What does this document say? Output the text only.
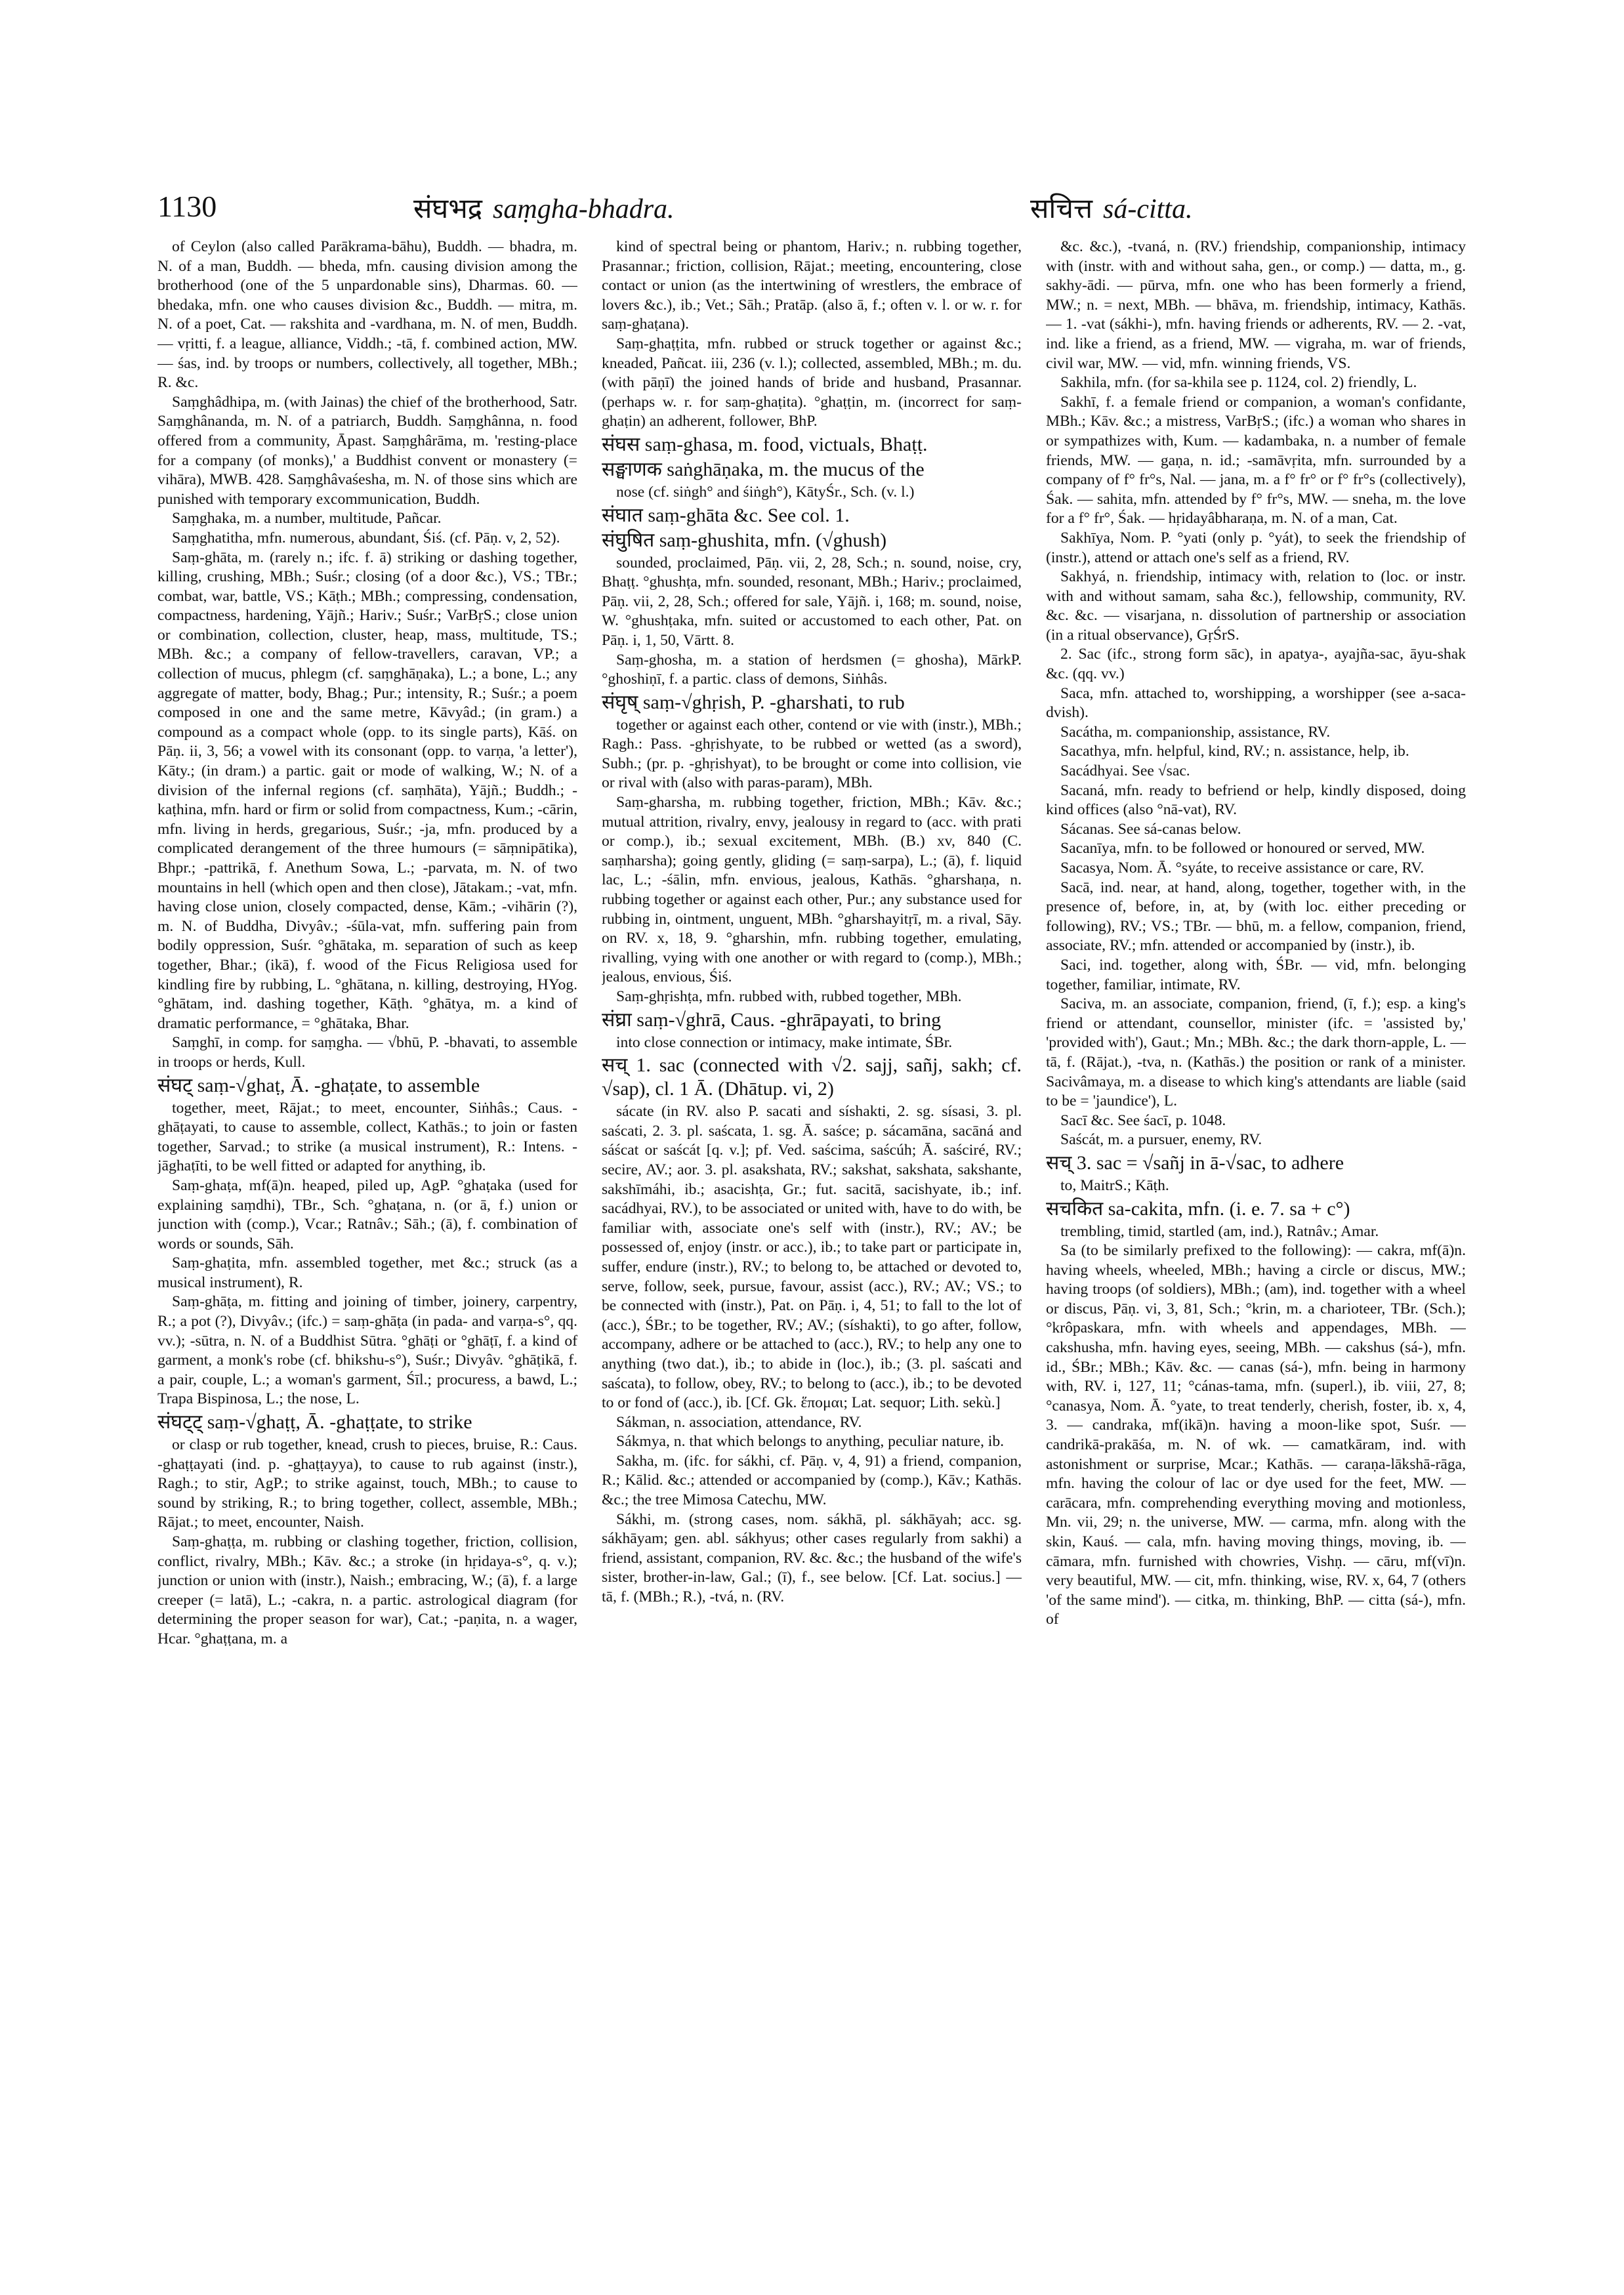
1130	संघभद्र saṃgha-bhadra.	सचित्त sá-citta.

of Ceylon (also called Parākrama-bāhu), Buddh. — bhadra, m. N. of a man, Buddh. — bheda, mfn. causing division among the brotherhood (one of the 5 unpardonable sins), Dharmas. 60. — bhedaka, mfn. one who causes division &c., Buddh. — mitra, m. N. of a poet, Cat. — rakshita and -vardhana, m. N. of men, Buddh. — vṛitti, f. a league, alliance, Viddh.; -tā, f. combined action, MW. — śas, ind. by troops or numbers, collectively, all together, MBh.; R. &c.

Saṃghâdhipa, m. (with Jainas) the chief of the brotherhood, Satr. Saṃghânanda, m. N. of a patriarch, Buddh. Saṃghânna, n. food offered from a community, Āpast. Saṃghârāma, m. 'resting-place for a company (of monks),' a Buddhist convent or monastery (= vihāra), MWB. 428. Saṃghâvaśesha, m. N. of those sins which are punished with temporary excommunication, Buddh.

Saṃghaka, m. a number, multitude, Pañcar.

Saṃghatitha, mfn. numerous, abundant, Śiś. (cf. Pāṇ. v, 2, 52).

Saṃ-ghāta, m. (rarely n.; ifc. f. ā) striking or dashing together, killing, crushing, MBh.; Suśr.; closing (of a door &c.), VS.; TBr.; combat, war, battle, VS.; Kāṭh.; MBh.; compressing, condensation, compactness, hardening, Yājñ.; Hariv.; Suśr.; VarBṛS.; close union or combination, collection, cluster, heap, mass, multitude, TS.; MBh. &c.; a company of fellow-travellers, caravan, VP.; a collection of mucus, phlegm (cf. saṃghāṇaka), L.; a bone, L.; any aggregate of matter, body, Bhag.; Pur.; intensity, R.; Suśr.; a poem composed in one and the same metre, Kāvyâd.; (in gram.) a compound as a compact whole (opp. to its single parts), Kāś. on Pāṇ. ii, 3, 56; a vowel with its consonant (opp. to varṇa, 'a letter'), Kāty.; (in dram.) a partic. gait or mode of walking, W.; N. of a division of the infernal regions (cf. saṃhāta), Yājñ.; Buddh.; -kaṭhina, mfn. hard or firm or solid from compactness, Kum.; -cārin, mfn. living in herds, gregarious, Suśr.; -ja, mfn. produced by a complicated derangement of the three humours (= sāṃnipātika), Bhpr.; -pattrikā, f. Anethum Sowa, L.; -parvata, m. N. of two mountains in hell (which open and then close), Jātakam.; -vat, mfn. having close union, closely compacted, dense, Kām.; -vihārin (?), m. N. of Buddha, Divyâv.; -śūla-vat, mfn. suffering pain from bodily oppression, Suśr. °ghātaka, m. separation of such as keep together, Bhar.; (ikā), f. wood of the Ficus Religiosa used for kindling fire by rubbing, L. °ghātana, n. killing, destroying, HYog. °ghātam, ind. dashing together, Kāṭh. °ghātya, m. a kind of dramatic performance, = °ghātaka, Bhar.

Saṃghī, in comp. for saṃgha. — √bhū, P. -bhavati, to assemble in troops or herds, Kull.

संघट् saṃ-√ghaṭ, Ā. -ghaṭate, to assemble

together, meet, Rājat.; to meet, encounter, Siṅhâs.; Caus. -ghāṭayati, to cause to assemble, collect, Kathās.; to join or fasten together, Sarvad.; to strike (a musical instrument), R.: Intens. -jāghaṭīti, to be well fitted or adapted for anything, ib.

Saṃ-ghaṭa, mf(ā)n. heaped, piled up, AgP. °ghaṭaka (used for explaining saṃdhi), TBr., Sch. °ghaṭana, n. (or ā, f.) union or junction with (comp.), Vcar.; Ratnâv.; Sāh.; (ā), f. combination of words or sounds, Sāh.

Saṃ-ghaṭita, mfn. assembled together, met &c.; struck (as a musical instrument), R.

Saṃ-ghāṭa, m. fitting and joining of timber, joinery, carpentry, R.; a pot (?), Divyâv.; (ifc.) = saṃ-ghāṭa (in pada- and varṇa-s°, qq. vv.); -sūtra, n. N. of a Buddhist Sūtra. °ghāṭi or °ghāṭī, f. a kind of garment, a monk's robe (cf. bhikshu-s°), Suśr.; Divyâv. °ghāṭikā, f. a pair, couple, L.; a woman's garment, Śīl.; procuress, a bawd, L.; Trapa Bispinosa, L.; the nose, L.

संघट्ट् saṃ-√ghaṭṭ, Ā. -ghaṭṭate, to strike

or clasp or rub together, knead, crush to pieces, bruise, R.: Caus. -ghaṭṭayati (ind. p. -ghaṭṭayya), to cause to rub against (instr.), Ragh.; to stir, AgP.; to strike against, touch, MBh.; to cause to sound by striking, R.; to bring together, collect, assemble, MBh.; Rājat.; to meet, encounter, Naish.

Saṃ-ghaṭṭa, m. rubbing or clashing together, friction, collision, conflict, rivalry, MBh.; Kāv. &c.; a stroke (in hṛidaya-s°, q. v.); junction or union with (instr.), Naish.; embracing, W.; (ā), f. a large creeper (= latā), L.; -cakra, n. a partic. astrological diagram (for determining the proper season for war), Cat.; -paṇita, n. a wager, Hcar. °ghaṭṭana, m. a

kind of spectral being or phantom, Hariv.; n. rubbing together, Prasannar.; friction, collision, Rājat.; meeting, encountering, close contact or union (as the intertwining of wrestlers, the embrace of lovers &c.), ib.; Vet.; Sāh.; Pratāp. (also ā, f.; often v. l. or w. r. for saṃ-ghaṭana).

Saṃ-ghaṭṭita, mfn. rubbed or struck together or against &c.; kneaded, Pañcat. iii, 236 (v. l.); collected, assembled, MBh.; m. du. (with pāṇī) the joined hands of bride and husband, Prasannar. (perhaps w. r. for saṃ-ghaṭita). °ghaṭṭin, m. (incorrect for saṃ-ghaṭin) an adherent, follower, BhP.

संघस saṃ-ghasa, m. food, victuals, Bhaṭṭ.

सङ्घाणक saṅghāṇaka, m. the mucus of the

nose (cf. siṅgh° and śiṅgh°), KātyŚr., Sch. (v. l.)

संघात saṃ-ghāta &c. See col. 1.

संघुषित saṃ-ghushita, mfn. (√ghush)

sounded, proclaimed, Pāṇ. vii, 2, 28, Sch.; n. sound, noise, cry, Bhaṭṭ. °ghushṭa, mfn. sounded, resonant, MBh.; Hariv.; proclaimed, Pāṇ. vii, 2, 28, Sch.; offered for sale, Yājñ. i, 168; m. sound, noise, W. °ghushṭaka, mfn. suited or accustomed to each other, Pat. on Pāṇ. i, 1, 50, Vārtt. 8.

Saṃ-ghosha, m. a station of herdsmen (= ghosha), MārkP. °ghoshiṇī, f. a partic. class of demons, Siṅhâs.

संघृष् saṃ-√ghṛish, P. -gharshati, to rub

together or against each other, contend or vie with (instr.), MBh.; Ragh.: Pass. -ghṛishyate, to be rubbed or wetted (as a sword), Subh.; (pr. p. -ghṛishyat), to be brought or come into collision, vie or rival with (also with paras-param), MBh.

Saṃ-gharsha, m. rubbing together, friction, MBh.; Kāv. &c.; mutual attrition, rivalry, envy, jealousy in regard to (acc. with prati or comp.), ib.; sexual excitement, MBh. (B.) xv, 840 (C. saṃharsha); going gently, gliding (= saṃ-sarpa), L.; (ā), f. liquid lac, L.; -śālin, mfn. envious, jealous, Kathās. °gharshaṇa, n. rubbing together or against each other, Pur.; any substance used for rubbing in, ointment, unguent, MBh. °gharshayitṛī, m. a rival, Sāy. on RV. x, 18, 9. °gharshin, mfn. rubbing together, emulating, rivalling, vying with one another or with regard to (comp.), MBh.; jealous, envious, Śiś.

Saṃ-ghṛishṭa, mfn. rubbed with, rubbed together, MBh.

संघ्रा saṃ-√ghrā, Caus. -ghrāpayati, to bring

into close connection or intimacy, make intimate, ŚBr.

सच् 1. sac (connected with √2. sajj, sañj, sakh; cf. √sap), cl. 1 Ā. (Dhātup. vi, 2)

sácate (in RV. also P. sacati and síshakti, 2. sg. sísasi, 3. pl. saścati, 2. 3. pl. saścata, 1. sg. Ā. saśce; p. sácamāna, sacāná and sáścat or saścát [q. v.]; pf. Ved. saścima, saścúh; Ā. saściré, RV.; secire, AV.; aor. 3. pl. asakshata, RV.; sakshat, sakshata, sakshante, sakshīmáhi, ib.; asacishṭa, Gr.; fut. sacitā, sacishyate, ib.; inf. sacádhyai, RV.), to be associated or united with, have to do with, be familiar with, associate one's self with (instr.), RV.; AV.; be possessed of, enjoy (instr. or acc.), ib.; to take part or participate in, suffer, endure (instr.), RV.; to belong to, be attached or devoted to, serve, follow, seek, pursue, favour, assist (acc.), RV.; AV.; VS.; to be connected with (instr.), Pat. on Pāṇ. i, 4, 51; to fall to the lot of (acc.), ŚBr.; to be together, RV.; AV.; (síshakti), to go after, follow, accompany, adhere or be attached to (acc.), RV.; to help any one to anything (two dat.), ib.; to abide in (loc.), ib.; (3. pl. saścati and saścata), to follow, obey, RV.; to belong to (acc.), ib.; to be devoted to or fond of (acc.), ib. [Cf. Gk. ἕπομαι; Lat. sequor; Lith. sekù.]

Sákman, n. association, attendance, RV.

Sákmya, n. that which belongs to anything, peculiar nature, ib.

Sakha, m. (ifc. for sákhi, cf. Pāṇ. v, 4, 91) a friend, companion, R.; Kālid. &c.; attended or accompanied by (comp.), Kāv.; Kathās. &c.; the tree Mimosa Catechu, MW.

Sákhi, m. (strong cases, nom. sákhā, pl. sákhāyah; acc. sg. sákhāyam; gen. abl. sákhyus; other cases regularly from sakhi) a friend, assistant, companion, RV. &c. &c.; the husband of the wife's sister, brother-in-law, Gal.; (ī), f., see below. [Cf. Lat. socius.] — tā, f. (MBh.; R.), -tvá, n. (RV.

&c. &c.), -tvaná, n. (RV.) friendship, companionship, intimacy with (instr. with and without saha, gen., or comp.) — datta, m., g. sakhy-ādi. — pūrva, mfn. one who has been formerly a friend, MW.; n. = next, MBh. — bhāva, m. friendship, intimacy, Kathās. — 1. -vat (sákhi-), mfn. having friends or adherents, RV. — 2. -vat, ind. like a friend, as a friend, MW. — vigraha, m. war of friends, civil war, MW. — vid, mfn. winning friends, VS.

Sakhila, mfn. (for sa-khila see p. 1124, col. 2) friendly, L.

Sakhī, f. a female friend or companion, a woman's confidante, MBh.; Kāv. &c.; a mistress, VarBṛS.; (ifc.) a woman who shares in or sympathizes with, Kum. — kadambaka, n. a number of female friends, MW. — gaṇa, n. id.; -samāvṛita, mfn. surrounded by a company of f° fr°s, Nal. — jana, m. a f° fr° or f° fr°s (collectively), Śak. — sahita, mfn. attended by f° fr°s, MW. — sneha, m. the love for a f° fr°, Śak. — hṛidayâbharaṇa, m. N. of a man, Cat.

Sakhīya, Nom. P. °yati (only p. °yát), to seek the friendship of (instr.), attend or attach one's self as a friend, RV.

Sakhyá, n. friendship, intimacy with, relation to (loc. or instr. with and without samam, saha &c.), fellowship, community, RV. &c. &c. — visarjana, n. dissolution of partnership or association (in a ritual observance), GṛŚrS.

2. Sac (ifc., strong form sāc), in apatya-, ayajña-sac, āyu-shak &c. (qq. vv.)

Saca, mfn. attached to, worshipping, a worshipper (see a-saca-dvish).

Sacátha, m. companionship, assistance, RV.

Sacathya, mfn. helpful, kind, RV.; n. assistance, help, ib.

Sacádhyai. See √sac.

Sacaná, mfn. ready to befriend or help, kindly disposed, doing kind offices (also °nā-vat), RV.

Sácanas. See sá-canas below.

Sacanīya, mfn. to be followed or honoured or served, MW.

Sacasya, Nom. Ā. °syáte, to receive assistance or care, RV.

Sacā, ind. near, at hand, along, together, together with, in the presence of, before, in, at, by (with loc. either preceding or following), RV.; VS.; TBr. — bhū, m. a fellow, companion, friend, associate, RV.; mfn. attended or accompanied by (instr.), ib.

Saci, ind. together, along with, ŚBr. — vid, mfn. belonging together, familiar, intimate, RV.

Saciva, m. an associate, companion, friend, (ī, f.); esp. a king's friend or attendant, counsellor, minister (ifc. = 'assisted by,' 'provided with'), Gaut.; Mn.; MBh. &c.; the dark thorn-apple, L. — tā, f. (Rājat.), -tva, n. (Kathās.) the position or rank of a minister. Sacivâmaya, m. a disease to which king's attendants are liable (said to be = 'jaundice'), L.

Sacī &c. See śacī, p. 1048.

Saścát, m. a pursuer, enemy, RV.

सच् 3. sac = √sañj in ā-√sac, to adhere

to, MaitrS.; Kāṭh.

सचकित sa-cakita, mfn. (i. e. 7. sa + c°)

trembling, timid, startled (am, ind.), Ratnâv.; Amar.

Sa (to be similarly prefixed to the following): — cakra, mf(ā)n. having wheels, wheeled, MBh.; having a circle or discus, MW.; having troops (of soldiers), MBh.; (am), ind. together with a wheel or discus, Pāṇ. vi, 3, 81, Sch.; °krin, m. a charioteer, TBr. (Sch.); °krôpaskara, mfn. with wheels and appendages, MBh. — cakshusha, mfn. having eyes, seeing, MBh. — cakshus (sá-), mfn. id., ŚBr.; MBh.; Kāv. &c. — canas (sá-), mfn. being in harmony with, RV. i, 127, 11; °cánas-tama, mfn. (superl.), ib. viii, 27, 8; °canasya, Nom. Ā. °yate, to treat tenderly, cherish, foster, ib. x, 4, 3. — candraka, mf(ikā)n. having a moon-like spot, Suśr. — candrikā-prakāśa, m. N. of wk. — camatkāram, ind. with astonishment or surprise, Mcar.; Kathās. — caraṇa-lākshā-rāga, mfn. having the colour of lac or dye used for the feet, MW. — carācara, mfn. comprehending everything moving and motionless, Mn. vii, 29; n. the universe, MW. — carma, mfn. along with the skin, Kauś. — cala, mfn. having moving things, moving, ib. — cāmara, mfn. furnished with chowries, Vishṇ. — cāru, mf(vī)n. very beautiful, MW. — cit, mfn. thinking, wise, RV. x, 64, 7 (others 'of the same mind'). — citka, m. thinking, BhP. — citta (sá-), mfn. of
